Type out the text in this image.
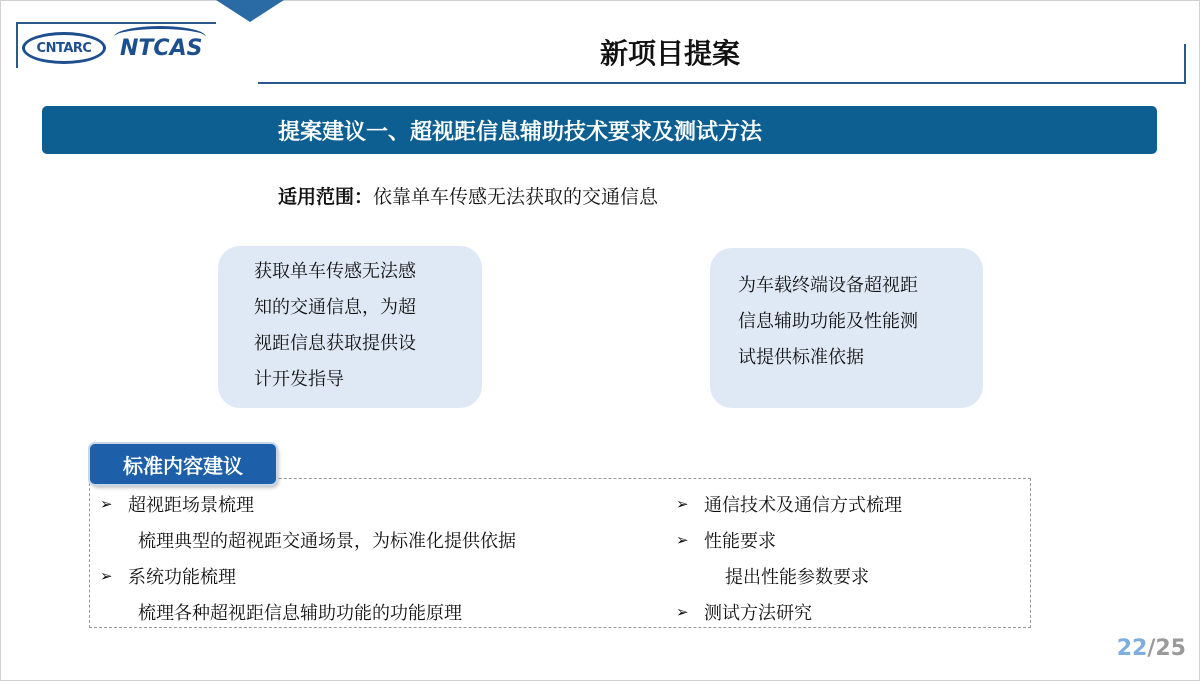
CNTARC NTCAS	新项目提案
提案建议一、超视距信息辅助技术要求及测试方法
适用范围：依靠单车传感无法获取的交通信息
获取单车传感无法感
知的交通信息，为超
视距信息获取提供设
计开发指导
为车载终端设备超视距
信息辅助功能及性能测
试提供标准依据
标准内容建议
➢ 超视距场景梳理
梳理典型的超视距交通场景，为标准化提供依据
➢ 系统功能梳理
梳理各种超视距信息辅助功能的功能原理
➢ 通信技术及通信方式梳理
➢ 性能要求
提出性能参数要求
➢ 测试方法研究
22/25
